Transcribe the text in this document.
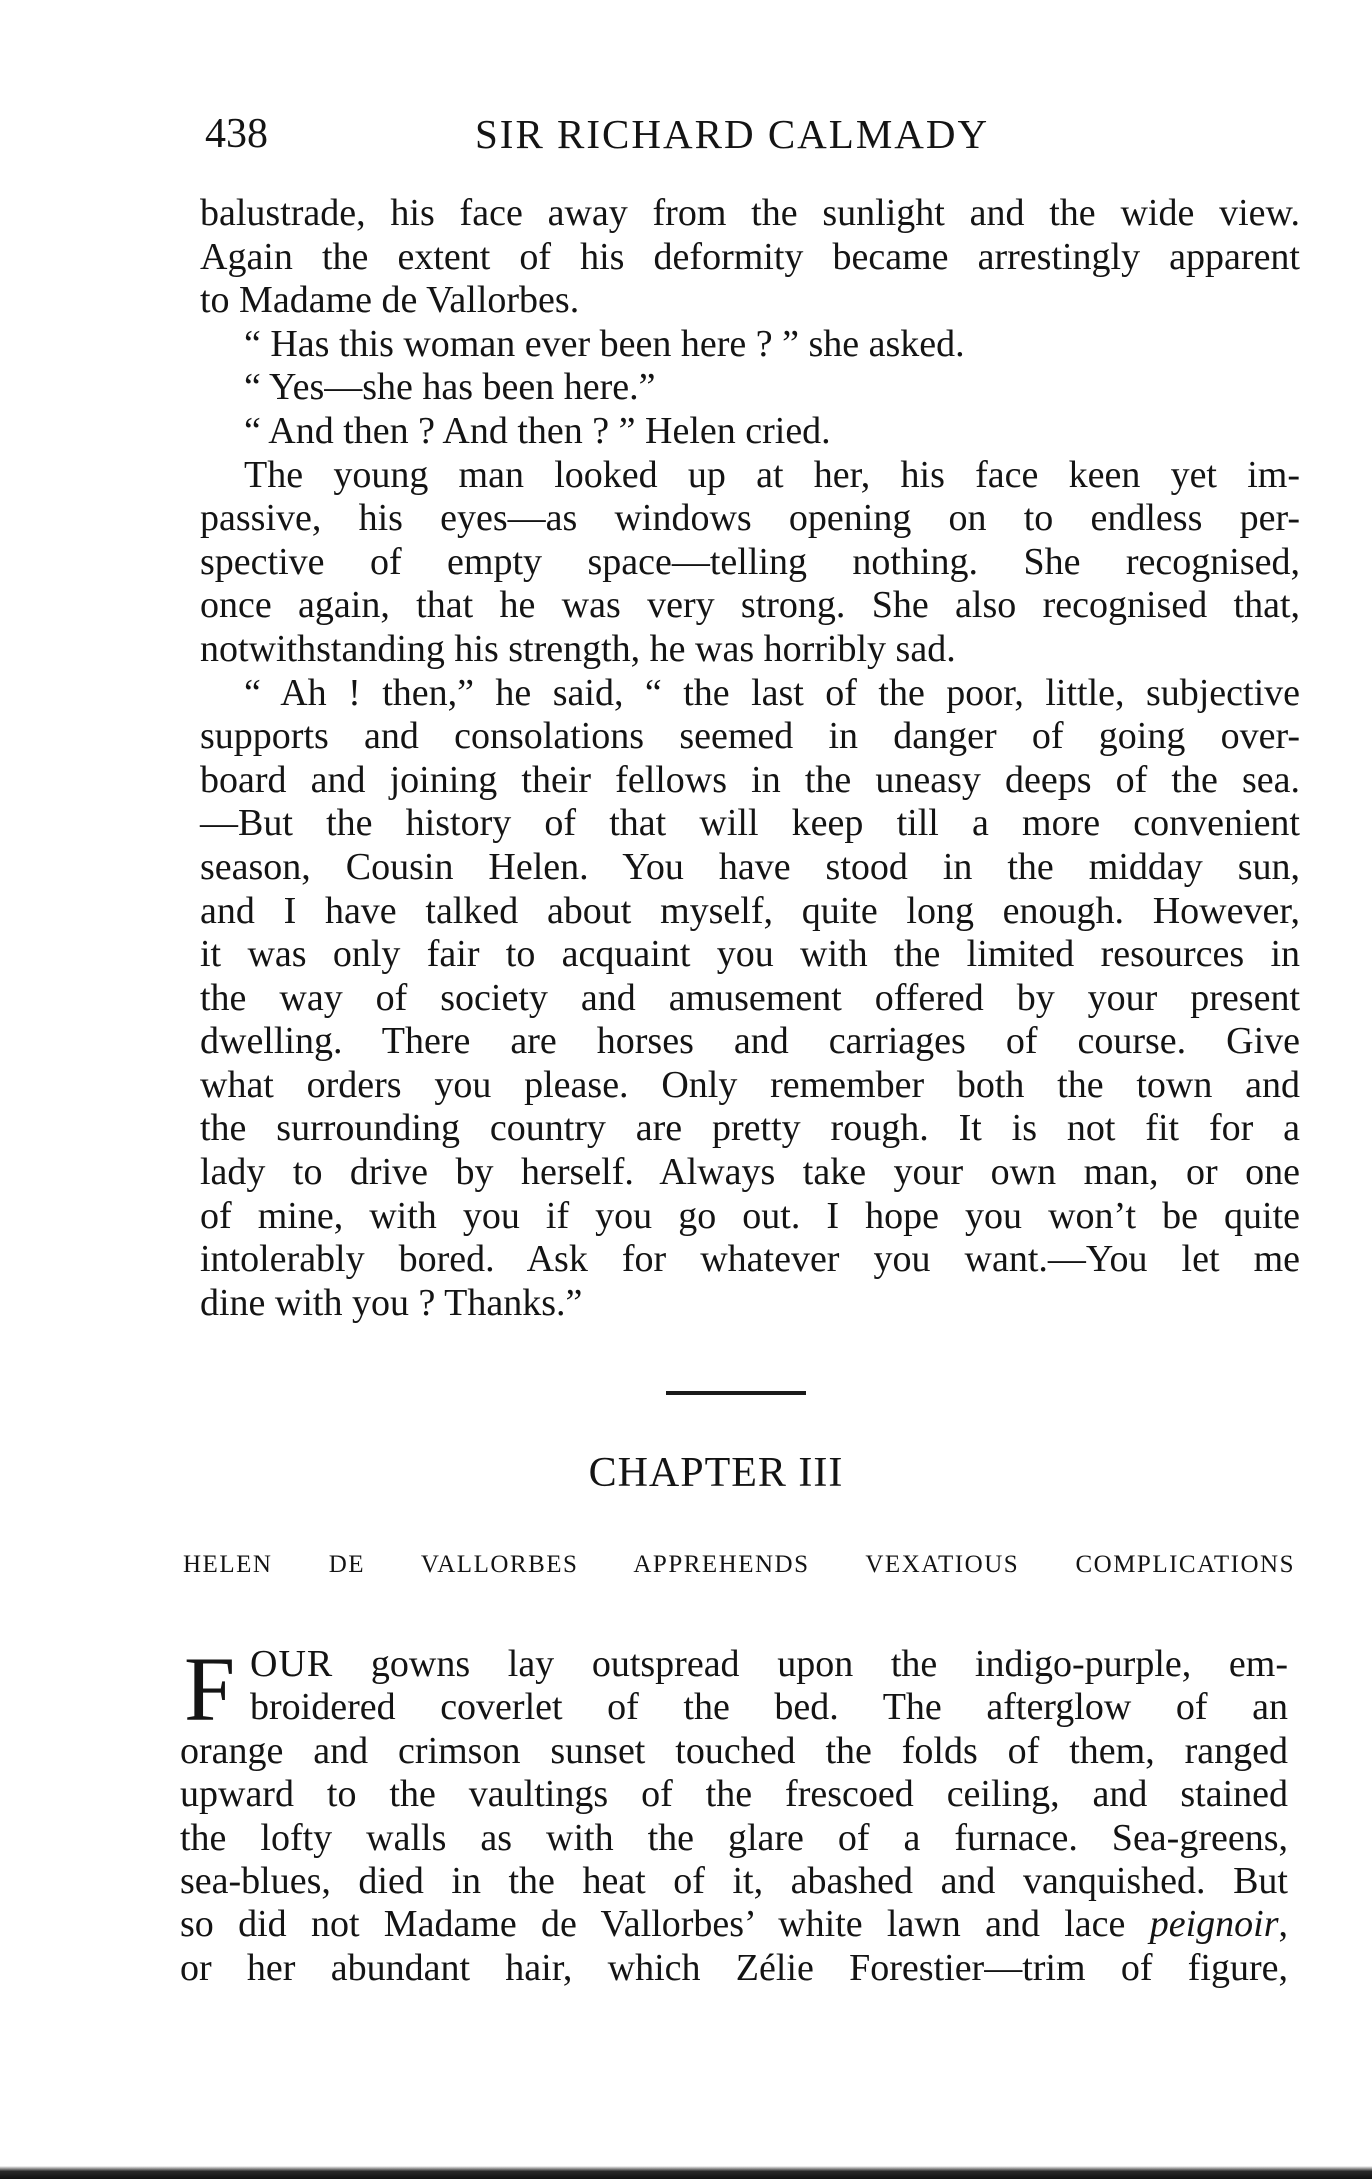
438	SIR RICHARD CALMADY
balustrade, his face away from the sunlight and the wide view.
Again the extent of his deformity became arrestingly apparent
to Madame de Vallorbes.
“ Has this woman ever been here ? ” she asked.
“ Yes—she has been here.”
“ And then ? And then ? ” Helen cried.
The young man looked up at her, his face keen yet im-
passive, his eyes—as windows opening on to endless per-
spective of empty space—telling nothing. She recognised,
once again, that he was very strong. She also recognised that,
notwithstanding his strength, he was horribly sad.
“ Ah ! then,” he said, “ the last of the poor, little, subjective
supports and consolations seemed in danger of going over-
board and joining their fellows in the uneasy deeps of the sea.
—But the history of that will keep till a more convenient
season, Cousin Helen. You have stood in the midday sun,
and I have talked about myself, quite long enough. However,
it was only fair to acquaint you with the limited resources in
the way of society and amusement offered by your present
dwelling. There are horses and carriages of course. Give
what orders you please. Only remember both the town and
the surrounding country are pretty rough. It is not fit for a
lady to drive by herself. Always take your own man, or one
of mine, with you if you go out. I hope you won’t be quite
intolerably bored. Ask for whatever you want.—You let me
dine with you ? Thanks.”
CHAPTER III
HELEN DE VALLORBES APPREHENDS VEXATIOUS COMPLICATIONS
F OUR gowns lay outspread upon the indigo-purple, em-
broidered coverlet of the bed. The afterglow of an
orange and crimson sunset touched the folds of them, ranged
upward to the vaultings of the frescoed ceiling, and stained
the lofty walls as with the glare of a furnace. Sea-greens,
sea-blues, died in the heat of it, abashed and vanquished. But
so did not Madame de Vallorbes’ white lawn and lace peignoir,
or her abundant hair, which Zélie Forestier—trim of figure,
